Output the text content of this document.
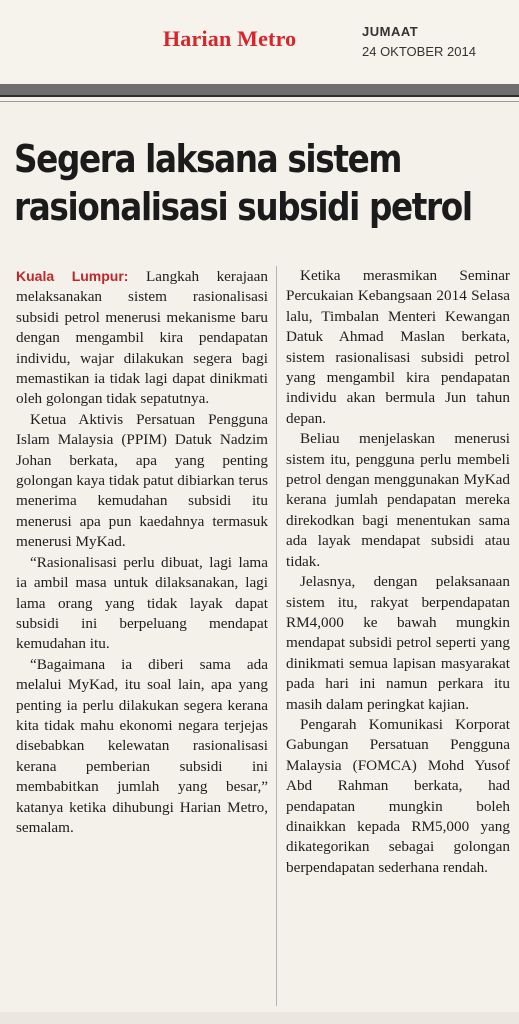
Harian Metro	JUMAAT
24 OKTOBER 2014
Segera laksana sistem
rasionalisasi subsidi petrol

Kuala Lumpur: Langkah kerajaan melaksanakan sistem rasionalisasi subsidi petrol menerusi mekanisme baru dengan mengambil kira pendapatan individu, wajar dilakukan segera bagi memastikan ia tidak lagi dapat dinikmati oleh golongan tidak sepatutnya.

Ketua Aktivis Persatuan Pengguna Islam Malaysia (PPIM) Datuk Nadzim Johan berkata, apa yang penting golongan kaya tidak patut dibiarkan terus menerima kemudahan subsidi itu menerusi apa pun kaedahnya termasuk menerusi MyKad.

“Rasionalisasi perlu dibuat, lagi lama ia ambil masa untuk dilaksanakan, lagi lama orang yang tidak layak dapat subsidi ini berpeluang mendapat kemudahan itu.

“Bagaimana ia diberi sama ada melalui MyKad, itu soal lain, apa yang penting ia perlu dilakukan segera kerana kita tidak mahu ekonomi negara terjejas disebabkan kelewatan rasionalisasi kerana pemberian subsidi ini membabitkan jumlah yang besar,” katanya ketika dihubungi Harian Metro, semalam.

Ketika merasmikan Seminar Percukaian Kebangsaan 2014 Selasa lalu, Timbalan Menteri Kewangan Datuk Ahmad Maslan berkata, sistem rasionalisasi subsidi petrol yang mengambil kira pendapatan individu akan bermula Jun tahun depan.

Beliau menjelaskan menerusi sistem itu, pengguna perlu membeli petrol dengan menggunakan MyKad kerana jumlah pendapatan mereka direkodkan bagi menentukan sama ada layak mendapat subsidi atau tidak.

Jelasnya, dengan pelaksanaan sistem itu, rakyat berpendapatan RM4,000 ke bawah mungkin mendapat subsidi petrol seperti yang dinikmati semua lapisan masyarakat pada hari ini namun perkara itu masih dalam peringkat kajian.

Pengarah Komunikasi Korporat Gabungan Persatuan Pengguna Malaysia (FOMCA) Mohd Yusof Abd Rahman berkata, had pendapatan mungkin boleh dinaikkan kepada RM5,000 yang dikategorikan sebagai golongan berpendapatan sederhana rendah.
